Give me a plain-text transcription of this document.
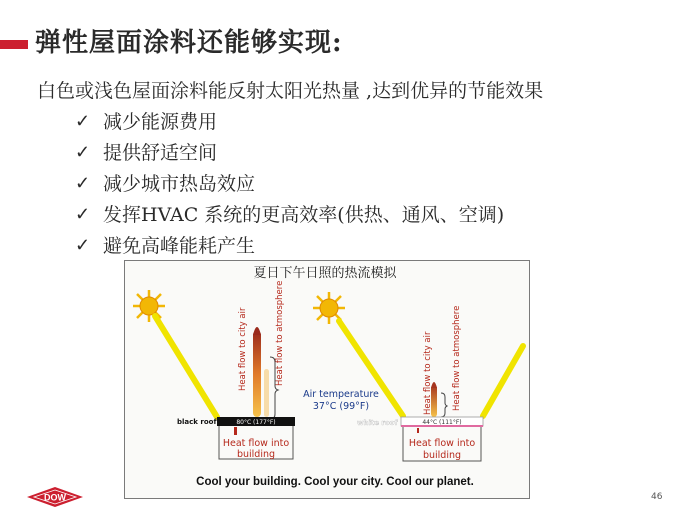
弹性屋面涂料还能够实现:
白色或浅色屋面涂料能反射太阳光热量 ,达到优异的节能效果
✓ 减少能源费用
✓ 提供舒适空间
✓ 减少城市热岛效应
✓ 发挥HVAC 系统的更高效率(供热、通风、空调)
✓ 避免高峰能耗产生
夏日下午日照的热流模拟
Heat flow to city air	Heat flow to atmosphere
80°C (177°F)
black roof
Heat flow into
building
Air temperature
37°C (99°F)	Heat flow to city air Heat flow to atmosphere
44°C (111°F)
white roof
Heat flow into
building
Cool your building. Cool your city. Cool our planet.
DOW	46
